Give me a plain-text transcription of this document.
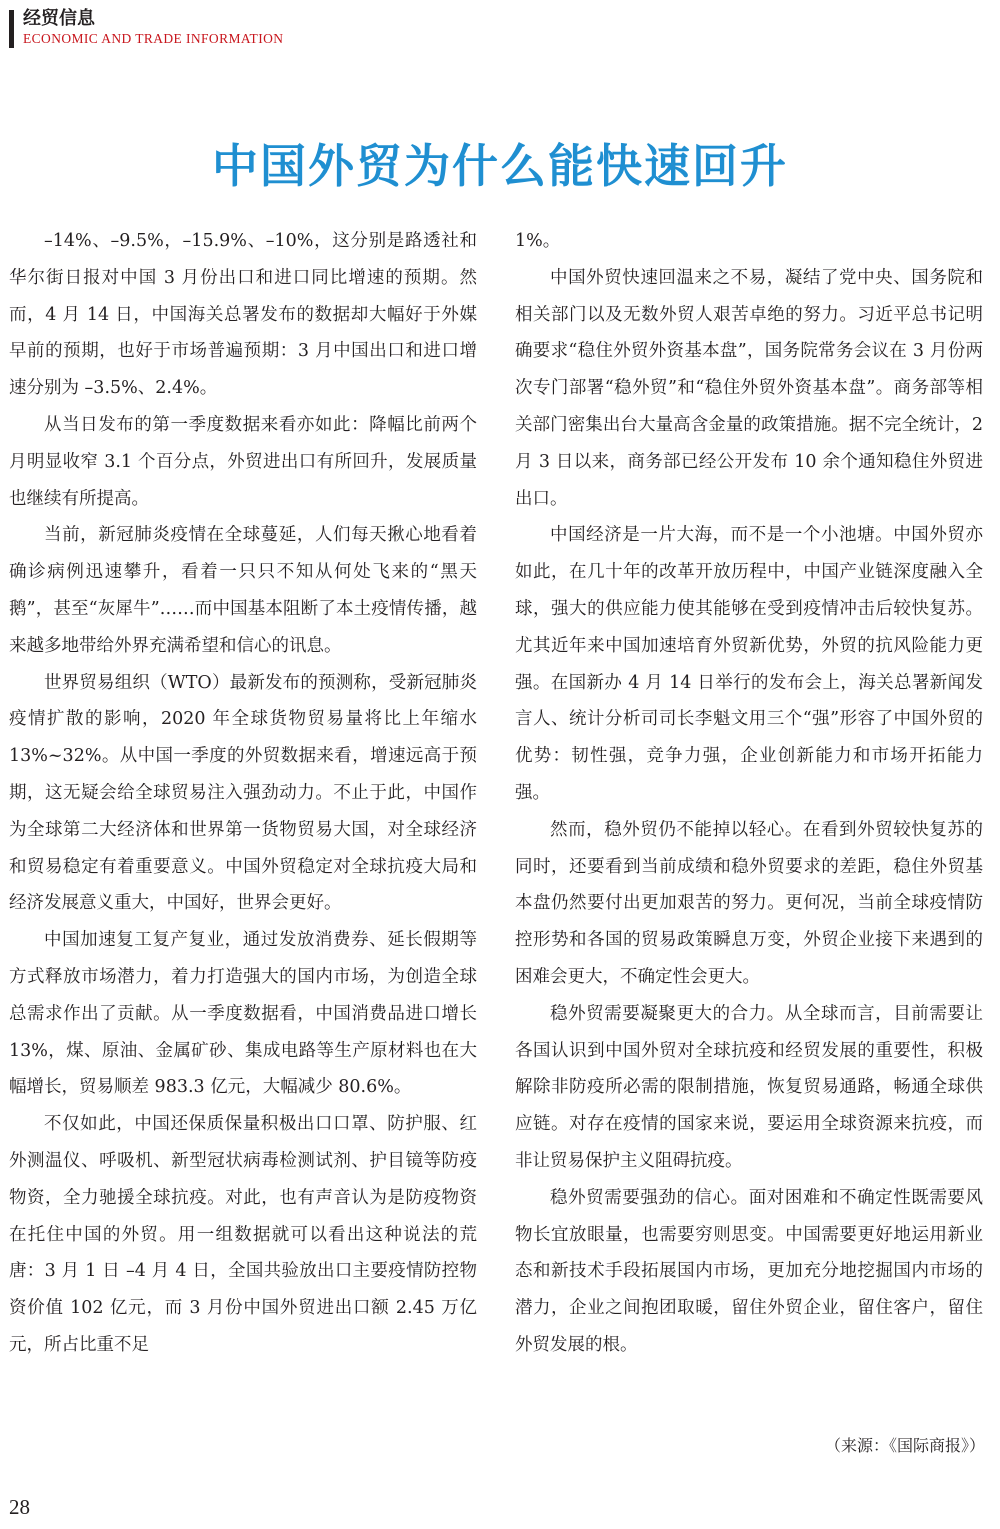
经贸信息
ECONOMIC AND TRADE INFORMATION
中国外贸为什么能快速回升

–14%、–9.5%，–15.9%、–10%，这分别是路透社和华尔街日报对中国 3 月份出口和进口同比增速的预期。然而，4 月 14 日，中国海关总署发布的数据却大幅好于外媒早前的预期，也好于市场普遍预期：3 月中国出口和进口增速分别为 –3.5%、2.4%。

从当日发布的第一季度数据来看亦如此：降幅比前两个月明显收窄 3.1 个百分点，外贸进出口有所回升，发展质量也继续有所提高。

当前，新冠肺炎疫情在全球蔓延，人们每天揪心地看着确诊病例迅速攀升，看着一只只不知从何处飞来的“黑天鹅”，甚至“灰犀牛”……而中国基本阻断了本土疫情传播，越来越多地带给外界充满希望和信心的讯息。

世界贸易组织（WTO）最新发布的预测称，受新冠肺炎疫情扩散的影响，2020 年全球货物贸易量将比上年缩水 13%~32%。从中国一季度的外贸数据来看，增速远高于预期，这无疑会给全球贸易注入强劲动力。不止于此，中国作为全球第二大经济体和世界第一货物贸易大国，对全球经济和贸易稳定有着重要意义。中国外贸稳定对全球抗疫大局和经济发展意义重大，中国好，世界会更好。

中国加速复工复产复业，通过发放消费券、延长假期等方式释放市场潜力，着力打造强大的国内市场，为创造全球总需求作出了贡献。从一季度数据看，中国消费品进口增长 13%，煤、原油、金属矿砂、集成电路等生产原材料也在大幅增长，贸易顺差 983.3 亿元，大幅减少 80.6%。

不仅如此，中国还保质保量积极出口口罩、防护服、红外测温仪、呼吸机、新型冠状病毒检测试剂、护目镜等防疫物资，全力驰援全球抗疫。对此，也有声音认为是防疫物资在托住中国的外贸。用一组数据就可以看出这种说法的荒唐：3 月 1 日 –4 月 4 日，全国共验放出口主要疫情防控物资价值 102 亿元，而 3 月份中国外贸进出口额 2.45 万亿元，所占比重不足

1%。

中国外贸快速回温来之不易，凝结了党中央、国务院和相关部门以及无数外贸人艰苦卓绝的努力。习近平总书记明确要求“稳住外贸外资基本盘”，国务院常务会议在 3 月份两次专门部署“稳外贸”和“稳住外贸外资基本盘”。商务部等相关部门密集出台大量高含金量的政策措施。据不完全统计，2 月 3 日以来，商务部已经公开发布 10 余个通知稳住外贸进出口。

中国经济是一片大海，而不是一个小池塘。中国外贸亦如此，在几十年的改革开放历程中，中国产业链深度融入全球，强大的供应能力使其能够在受到疫情冲击后较快复苏。尤其近年来中国加速培育外贸新优势，外贸的抗风险能力更强。在国新办 4 月 14 日举行的发布会上，海关总署新闻发言人、统计分析司司长李魁文用三个“强”形容了中国外贸的优势：韧性强，竞争力强，企业创新能力和市场开拓能力强。

然而，稳外贸仍不能掉以轻心。在看到外贸较快复苏的同时，还要看到当前成绩和稳外贸要求的差距，稳住外贸基本盘仍然要付出更加艰苦的努力。更何况，当前全球疫情防控形势和各国的贸易政策瞬息万变，外贸企业接下来遇到的困难会更大，不确定性会更大。

稳外贸需要凝聚更大的合力。从全球而言，目前需要让各国认识到中国外贸对全球抗疫和经贸发展的重要性，积极解除非防疫所必需的限制措施，恢复贸易通路，畅通全球供应链。对存在疫情的国家来说，要运用全球资源来抗疫，而非让贸易保护主义阻碍抗疫。

稳外贸需要强劲的信心。面对困难和不确定性既需要风物长宜放眼量，也需要穷则思变。中国需要更好地运用新业态和新技术手段拓展国内市场，更加充分地挖掘国内市场的潜力，企业之间抱团取暖，留住外贸企业，留住客户，留住外贸发展的根。

（来源：《国际商报》）
28
